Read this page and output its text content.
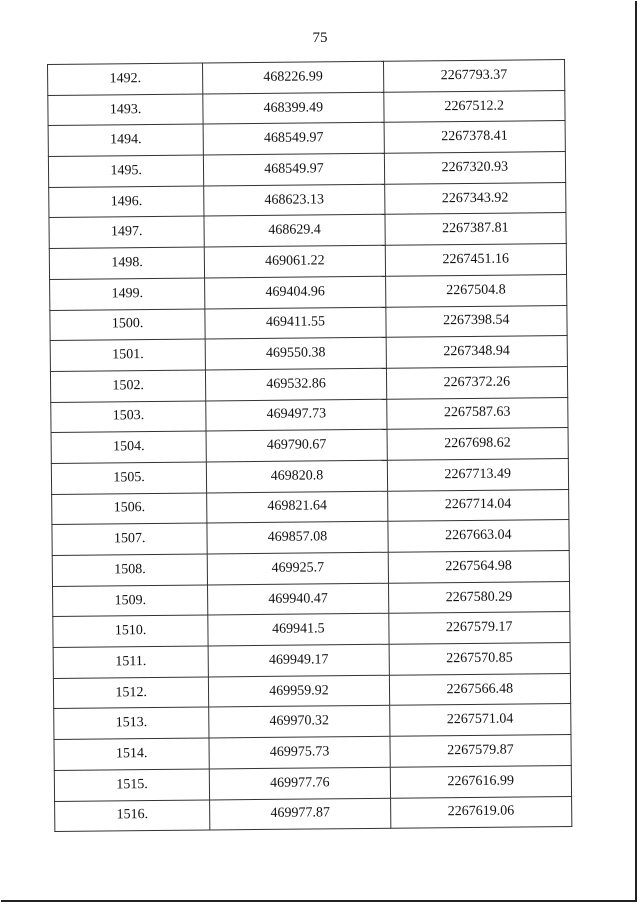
75
1492.	468226.99	2267793.37
1493.	468399.49	2267512.2
1494.	468549.97	2267378.41
1495.	468549.97	2267320.93
1496.	468623.13	2267343.92
1497.	468629.4	2267387.81
1498.	469061.22	2267451.16
1499.	469404.96	2267504.8
1500.	469411.55	2267398.54
1501.	469550.38	2267348.94
1502.	469532.86	2267372.26
1503.	469497.73	2267587.63
1504.	469790.67	2267698.62
1505.	469820.8	2267713.49
1506.	469821.64	2267714.04
1507.	469857.08	2267663.04
1508.	469925.7	2267564.98
1509.	469940.47	2267580.29
1510.	469941.5	2267579.17
1511.	469949.17	2267570.85
1512.	469959.92	2267566.48
1513.	469970.32	2267571.04
1514.	469975.73	2267579.87
1515.	469977.76	2267616.99
1516.	469977.87	2267619.06
